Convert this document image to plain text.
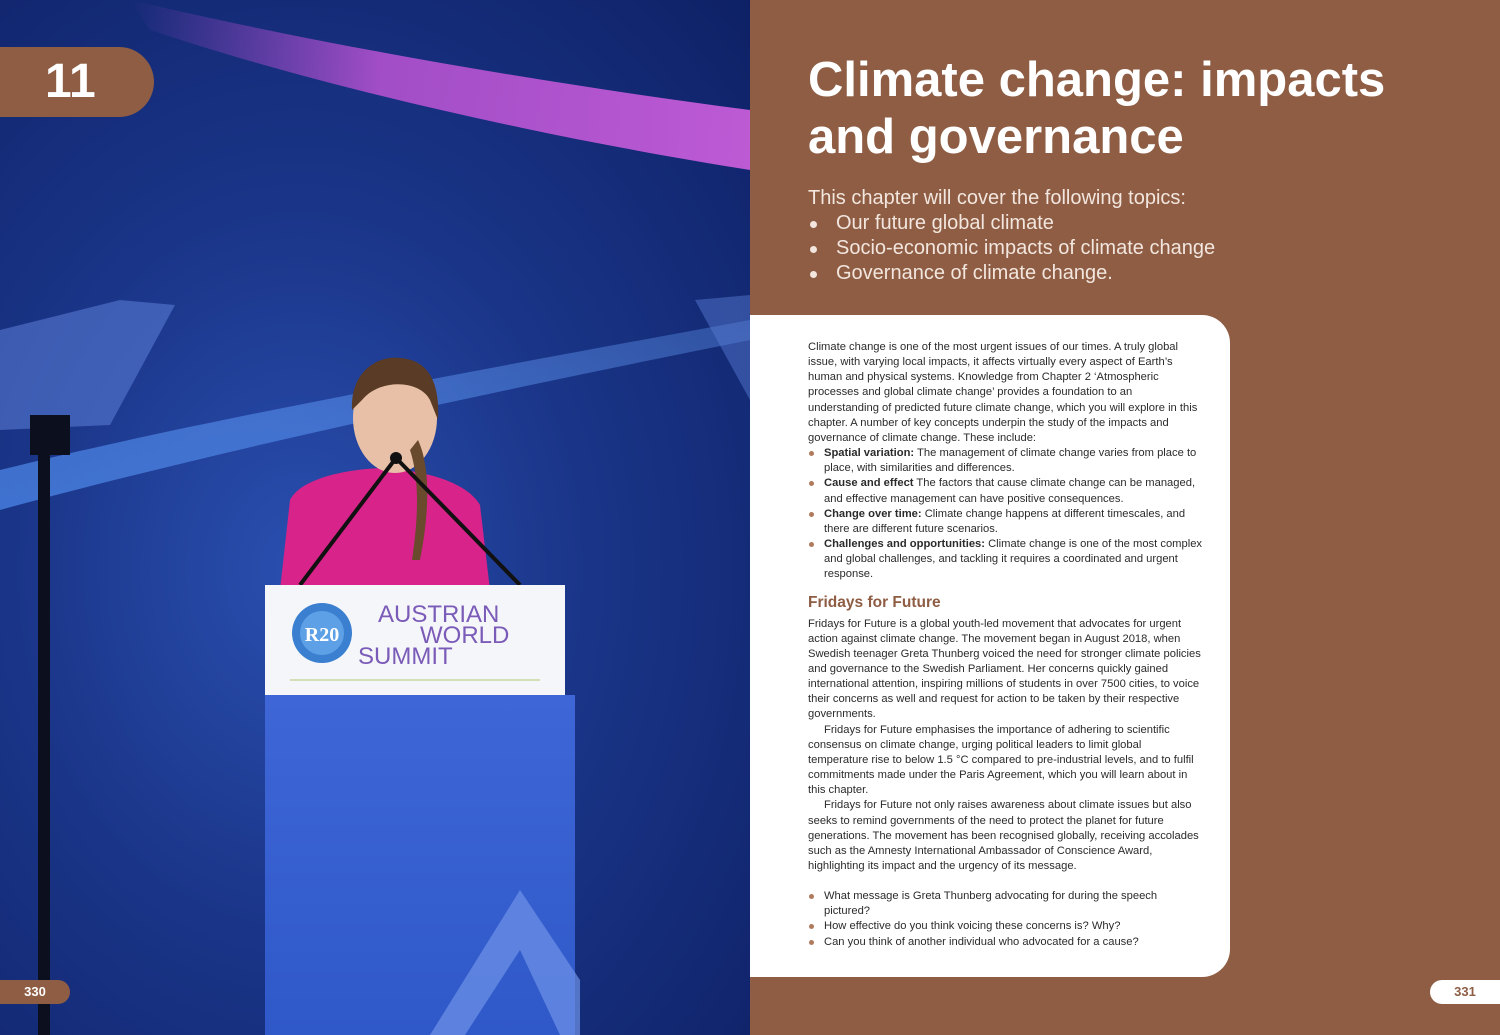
R20
AUSTRIAN
WORLD
SUMMIT
11
330
Climate change: impacts and governance

This chapter will cover the following topics:

Our future global climate
Socio-economic impacts of climate change
Governance of climate change.

Climate change is one of the most urgent issues of our times. A truly global issue, with varying local impacts, it affects virtually every aspect of Earth’s human and physical systems. Knowledge from Chapter 2 ‘Atmospheric processes and global climate change’ provides a foundation to an understanding of predicted future climate change, which you will explore in this chapter. A number of key concepts underpin the study of the impacts and governance of climate change. These include:

Spatial variation: The management of climate change varies from place to place, with similarities and differences.
Cause and effect The factors that cause climate change can be managed, and effective management can have positive consequences.
Change over time: Climate change happens at different timescales, and there are different future scenarios.
Challenges and opportunities: Climate change is one of the most complex and global challenges, and tackling it requires a coordinated and urgent response.
Fridays for Future

Fridays for Future is a global youth-led movement that advocates for urgent action against climate change. The movement began in August 2018, when Swedish teenager Greta Thunberg voiced the need for stronger climate policies and governance to the Swedish Parliament. Her concerns quickly gained international attention, inspiring millions of students in over 7500 cities, to voice their concerns as well and request for action to be taken by their respective governments.

Fridays for Future emphasises the importance of adhering to scientific consensus on climate change, urging political leaders to limit global temperature rise to below 1.5 °C compared to pre-industrial levels, and to fulfil commitments made under the Paris Agreement, which you will learn about in this chapter.

Fridays for Future not only raises awareness about climate issues but also seeks to remind governments of the need to protect the planet for future generations. The movement has been recognised globally, receiving accolades such as the Amnesty International Ambassador of Conscience Award, highlighting its impact and the urgency of its message.

What message is Greta Thunberg advocating for during the speech pictured?
How effective do you think voicing these concerns is? Why?
Can you think of another individual who advocated for a cause?
331
